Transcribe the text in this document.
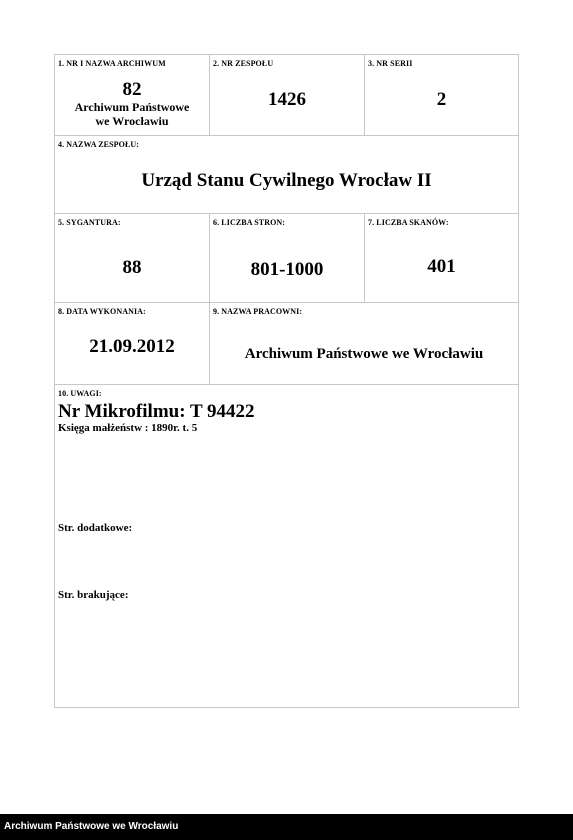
1. NR I NAZWA ARCHIWUM
82
Archiwum Państwowe
we Wrocławiu
2. NR ZESPOŁU
1426
3. NR SERII
2
4. NAZWA ZESPOŁU:
Urząd Stanu Cywilnego Wrocław II
5. SYGANTURA:
88
6. LICZBA STRON:
801-1000
7. LICZBA SKANÓW:
401
8. DATA WYKONANIA:
21.09.2012
9. NAZWA PRACOWNI:
Archiwum Państwowe we Wrocławiu
10. UWAGI:
Nr Mikrofilmu: T 94422
Księga małżeństw : 1890r. t. 5
Str. dodatkowe:
Str. brakujące:
Archiwum Państwowe we Wrocławiu
